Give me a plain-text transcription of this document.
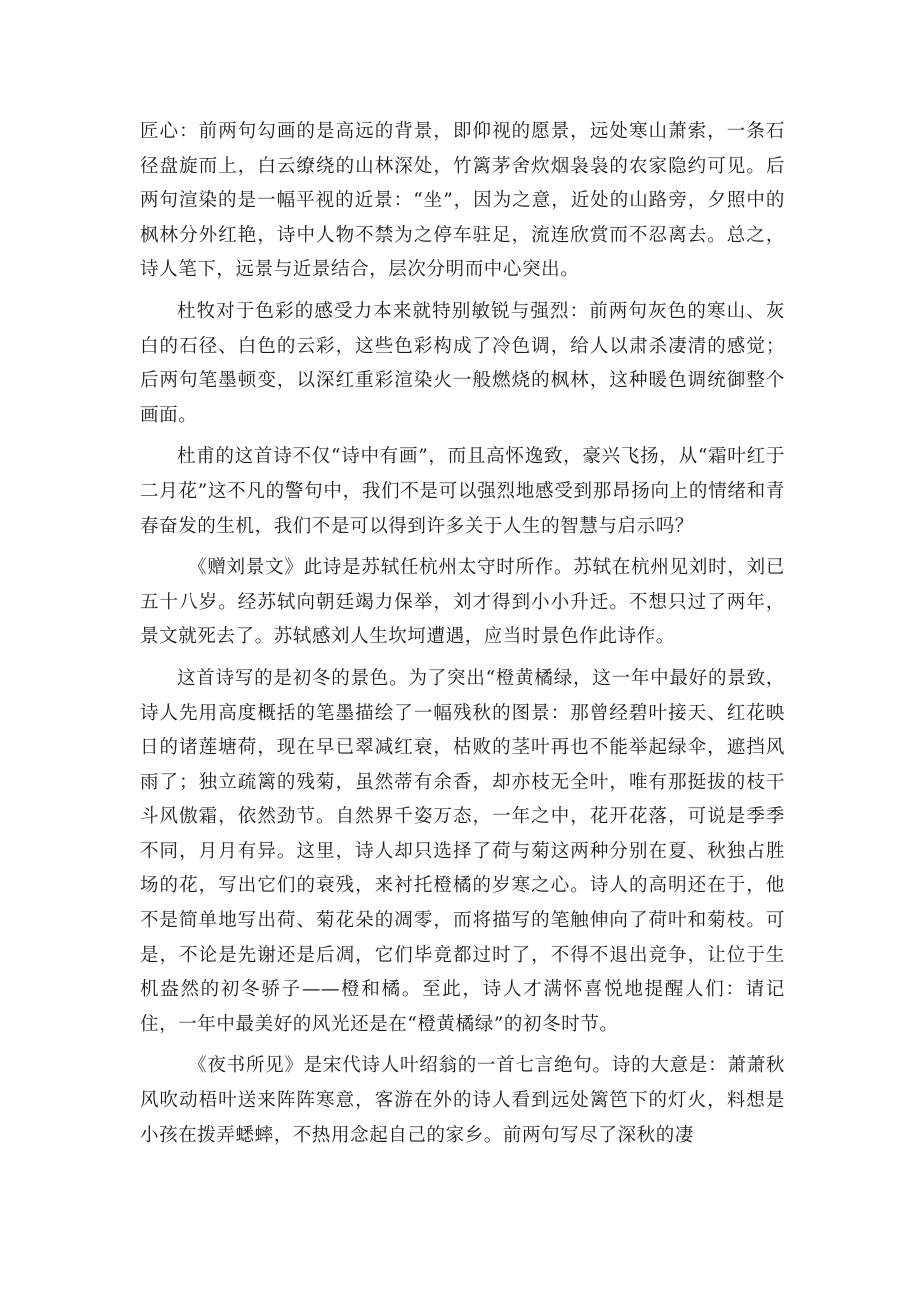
匠心：前两句勾画的是高远的背景，即仰视的愿景，远处寒山萧索，一条石径盘旋而上，白云缭绕的山林深处，竹篱茅舍炊烟袅袅的农家隐约可见。后两句渲染的是一幅平视的近景：“坐”，因为之意，近处的山路旁，夕照中的枫林分外红艳，诗中人物不禁为之停车驻足，流连欣赏而不忍离去。总之，诗人笔下，远景与近景结合，层次分明而中心突出。

杜牧对于色彩的感受力本来就特别敏锐与强烈：前两句灰色的寒山、灰白的石径、白色的云彩，这些色彩构成了冷色调，给人以肃杀凄清的感觉；后两句笔墨顿变，以深红重彩渲染火一般燃烧的枫林，这种暖色调统御整个画面。

杜甫的这首诗不仅“诗中有画”，而且高怀逸致，豪兴飞扬，从“霜叶红于二月花”这不凡的警句中，我们不是可以强烈地感受到那昂扬向上的情绪和青春奋发的生机，我们不是可以得到许多关于人生的智慧与启示吗？

《赠刘景文》此诗是苏轼任杭州太守时所作。苏轼在杭州见刘时，刘已五十八岁。经苏轼向朝廷竭力保举，刘才得到小小升迁。不想只过了两年，景文就死去了。苏轼感刘人生坎坷遭遇，应当时景色作此诗作。

这首诗写的是初冬的景色。为了突出“橙黄橘绿，这一年中最好的景致，诗人先用高度概括的笔墨描绘了一幅残秋的图景：那曾经碧叶接天、红花映日的诸莲塘荷，现在早已翠减红衰，枯败的茎叶再也不能举起绿伞，遮挡风雨了；独立疏篱的残菊，虽然蒂有余香，却亦枝无全叶，唯有那挺拔的枝干斗风傲霜，依然劲节。自然界千姿万态，一年之中，花开花落，可说是季季不同，月月有异。这里，诗人却只选择了荷与菊这两种分别在夏、秋独占胜场的花，写出它们的衰残，来衬托橙橘的岁寒之心。诗人的高明还在于，他不是简单地写出荷、菊花朵的凋零，而将描写的笔触伸向了荷叶和菊枝。可是，不论是先谢还是后凋，它们毕竟都过时了，不得不退出竞争，让位于生机盎然的初冬骄子——橙和橘。至此，诗人才满怀喜悦地提醒人们：请记住，一年中最美好的风光还是在“橙黄橘绿”的初冬时节。

《夜书所见》是宋代诗人叶绍翁的一首七言绝句。诗的大意是：萧萧秋风吹动梧叶送来阵阵寒意，客游在外的诗人看到远处篱笆下的灯火，料想是小孩在拨弄蟋蟀，不热用念起自己的家乡。前两句写尽了深秋的凄
